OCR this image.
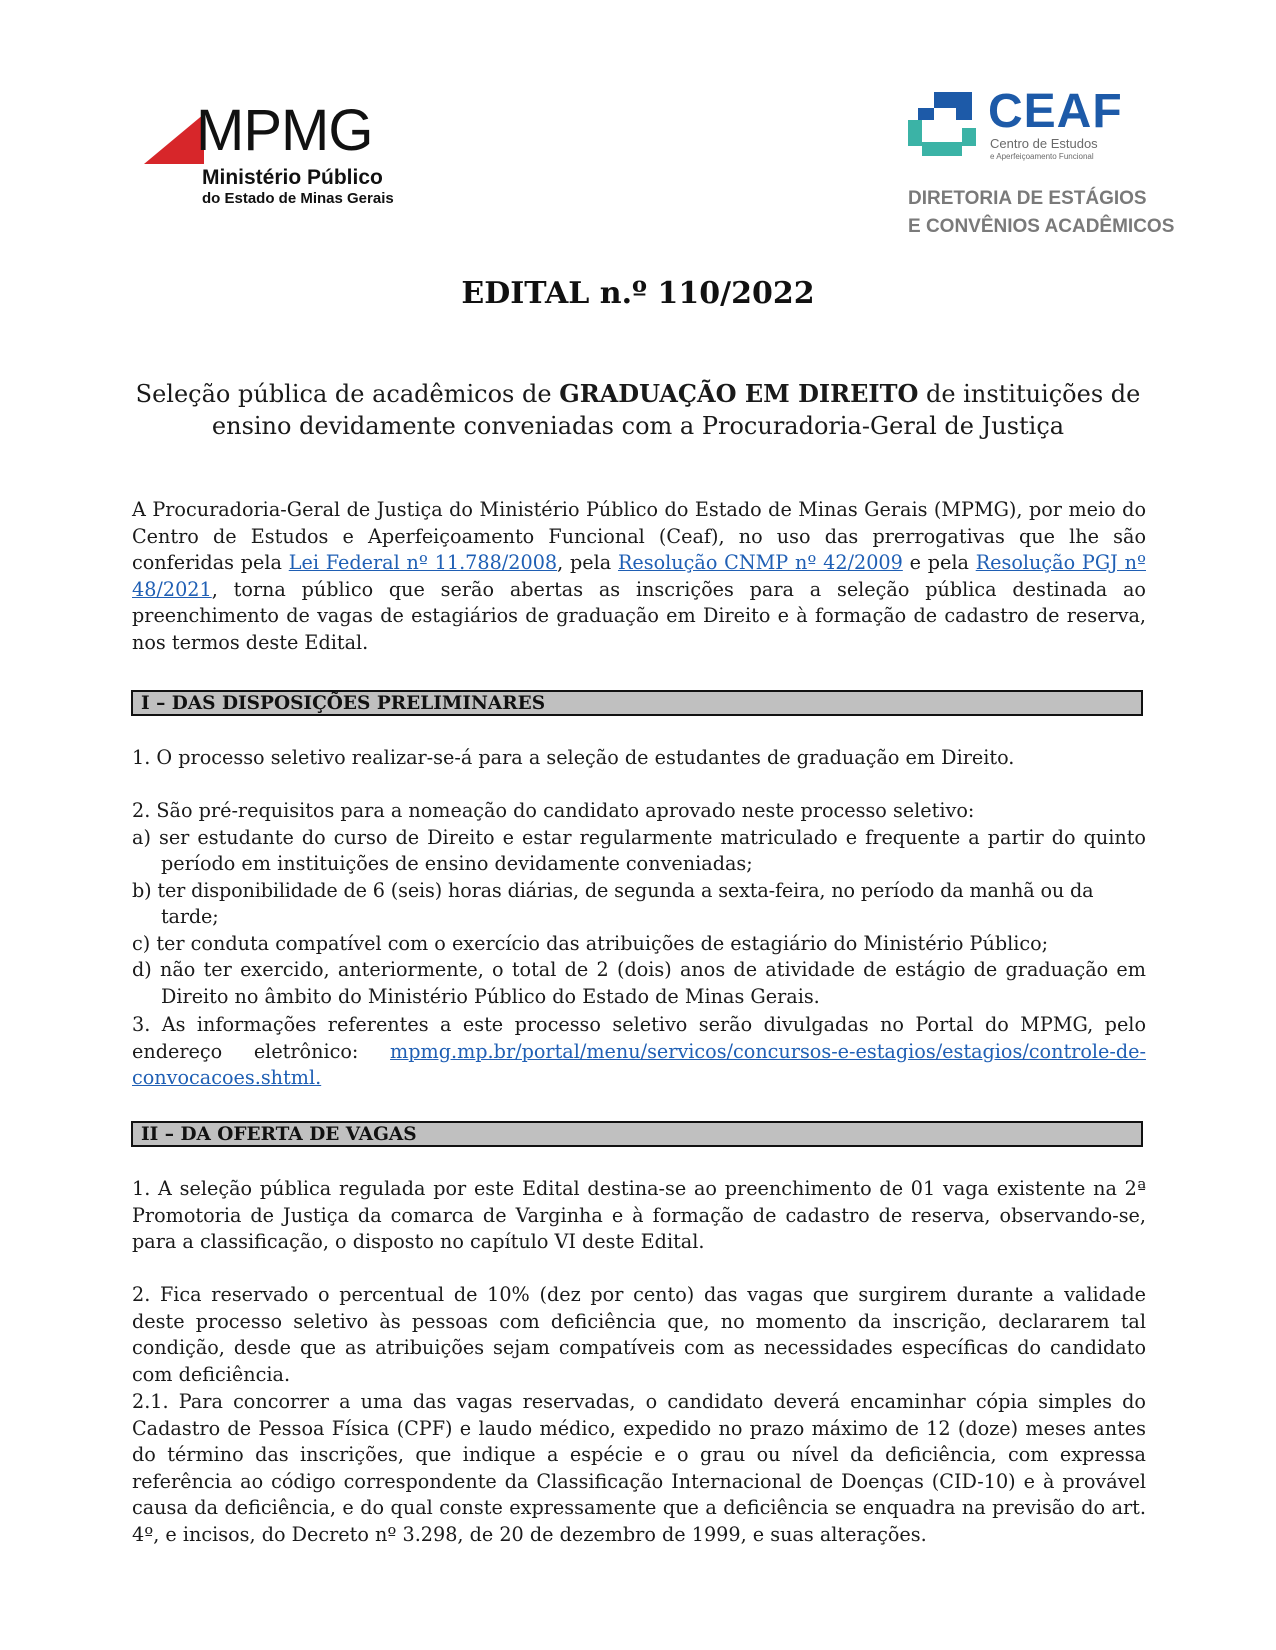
MPMG
Ministério Público
do Estado de Minas Gerais
CEAF
Centro de Estudos
e Aperfeiçoamento Funcional
DIRETORIA DE ESTÁGIOS
E CONVÊNIOS ACADÊMICOS
EDITAL n.º 110/2022
Seleção pública de acadêmicos de GRADUAÇÃO EM DIREITO de instituições de ensino devidamente conveniadas com a Procuradoria-Geral de Justiça
A Procuradoria-Geral de Justiça do Ministério Público do Estado de Minas Gerais (MPMG), por meio do Centro de Estudos e Aperfeiçoamento Funcional (Ceaf), no uso das prerrogativas que lhe são conferidas pela Lei Federal nº 11.788/2008, pela Resolução CNMP nº 42/2009 e pela Resolução PGJ nº 48/2021, torna público que serão abertas as inscrições para a seleção pública destinada ao preenchimento de vagas de estagiários de graduação em Direito e à formação de cadastro de reserva, nos termos deste Edital.
I – DAS DISPOSIÇÕES PRELIMINARES

1. O processo seletivo realizar-se-á para a seleção de estudantes de graduação em Direito.

2. São pré-requisitos para a nomeação do candidato aprovado neste processo seletivo:

a) ser estudante do curso de Direito e estar regularmente matriculado e frequente a partir do quinto período em instituições de ensino devidamente conveniadas;

b) ter disponibilidade de 6 (seis) horas diárias, de segunda a sexta-feira, no período da manhã ou da tarde;

c) ter conduta compatível com o exercício das atribuições de estagiário do Ministério Público;

d) não ter exercido, anteriormente, o total de 2 (dois) anos de atividade de estágio de graduação em Direito no âmbito do Ministério Público do Estado de Minas Gerais.

3. As informações referentes a este processo seletivo serão divulgadas no Portal do MPMG, pelo endereço eletrônico: mpmg.mp.br/portal/menu/servicos/concursos-e-estagios/estagios/controle-de-convocacoes.shtml.

II – DA OFERTA DE VAGAS

1. A seleção pública regulada por este Edital destina-se ao preenchimento de 01 vaga existente na 2ª Promotoria de Justiça da comarca de Varginha e à formação de cadastro de reserva, observando-se, para a classificação, o disposto no capítulo VI deste Edital.

2. Fica reservado o percentual de 10% (dez por cento) das vagas que surgirem durante a validade deste processo seletivo às pessoas com deficiência que, no momento da inscrição, declararem tal condição, desde que as atribuições sejam compatíveis com as necessidades específicas do candidato com deficiência.

2.1. Para concorrer a uma das vagas reservadas, o candidato deverá encaminhar cópia simples do Cadastro de Pessoa Física (CPF) e laudo médico, expedido no prazo máximo de 12 (doze) meses antes do término das inscrições, que indique a espécie e o grau ou nível da deficiência, com expressa referência ao código correspondente da Classificação Internacional de Doenças (CID-10) e à provável causa da deficiência, e do qual conste expressamente que a deficiência se enquadra na previsão do art. 4º, e incisos, do Decreto nº 3.298, de 20 de dezembro de 1999, e suas alterações.
